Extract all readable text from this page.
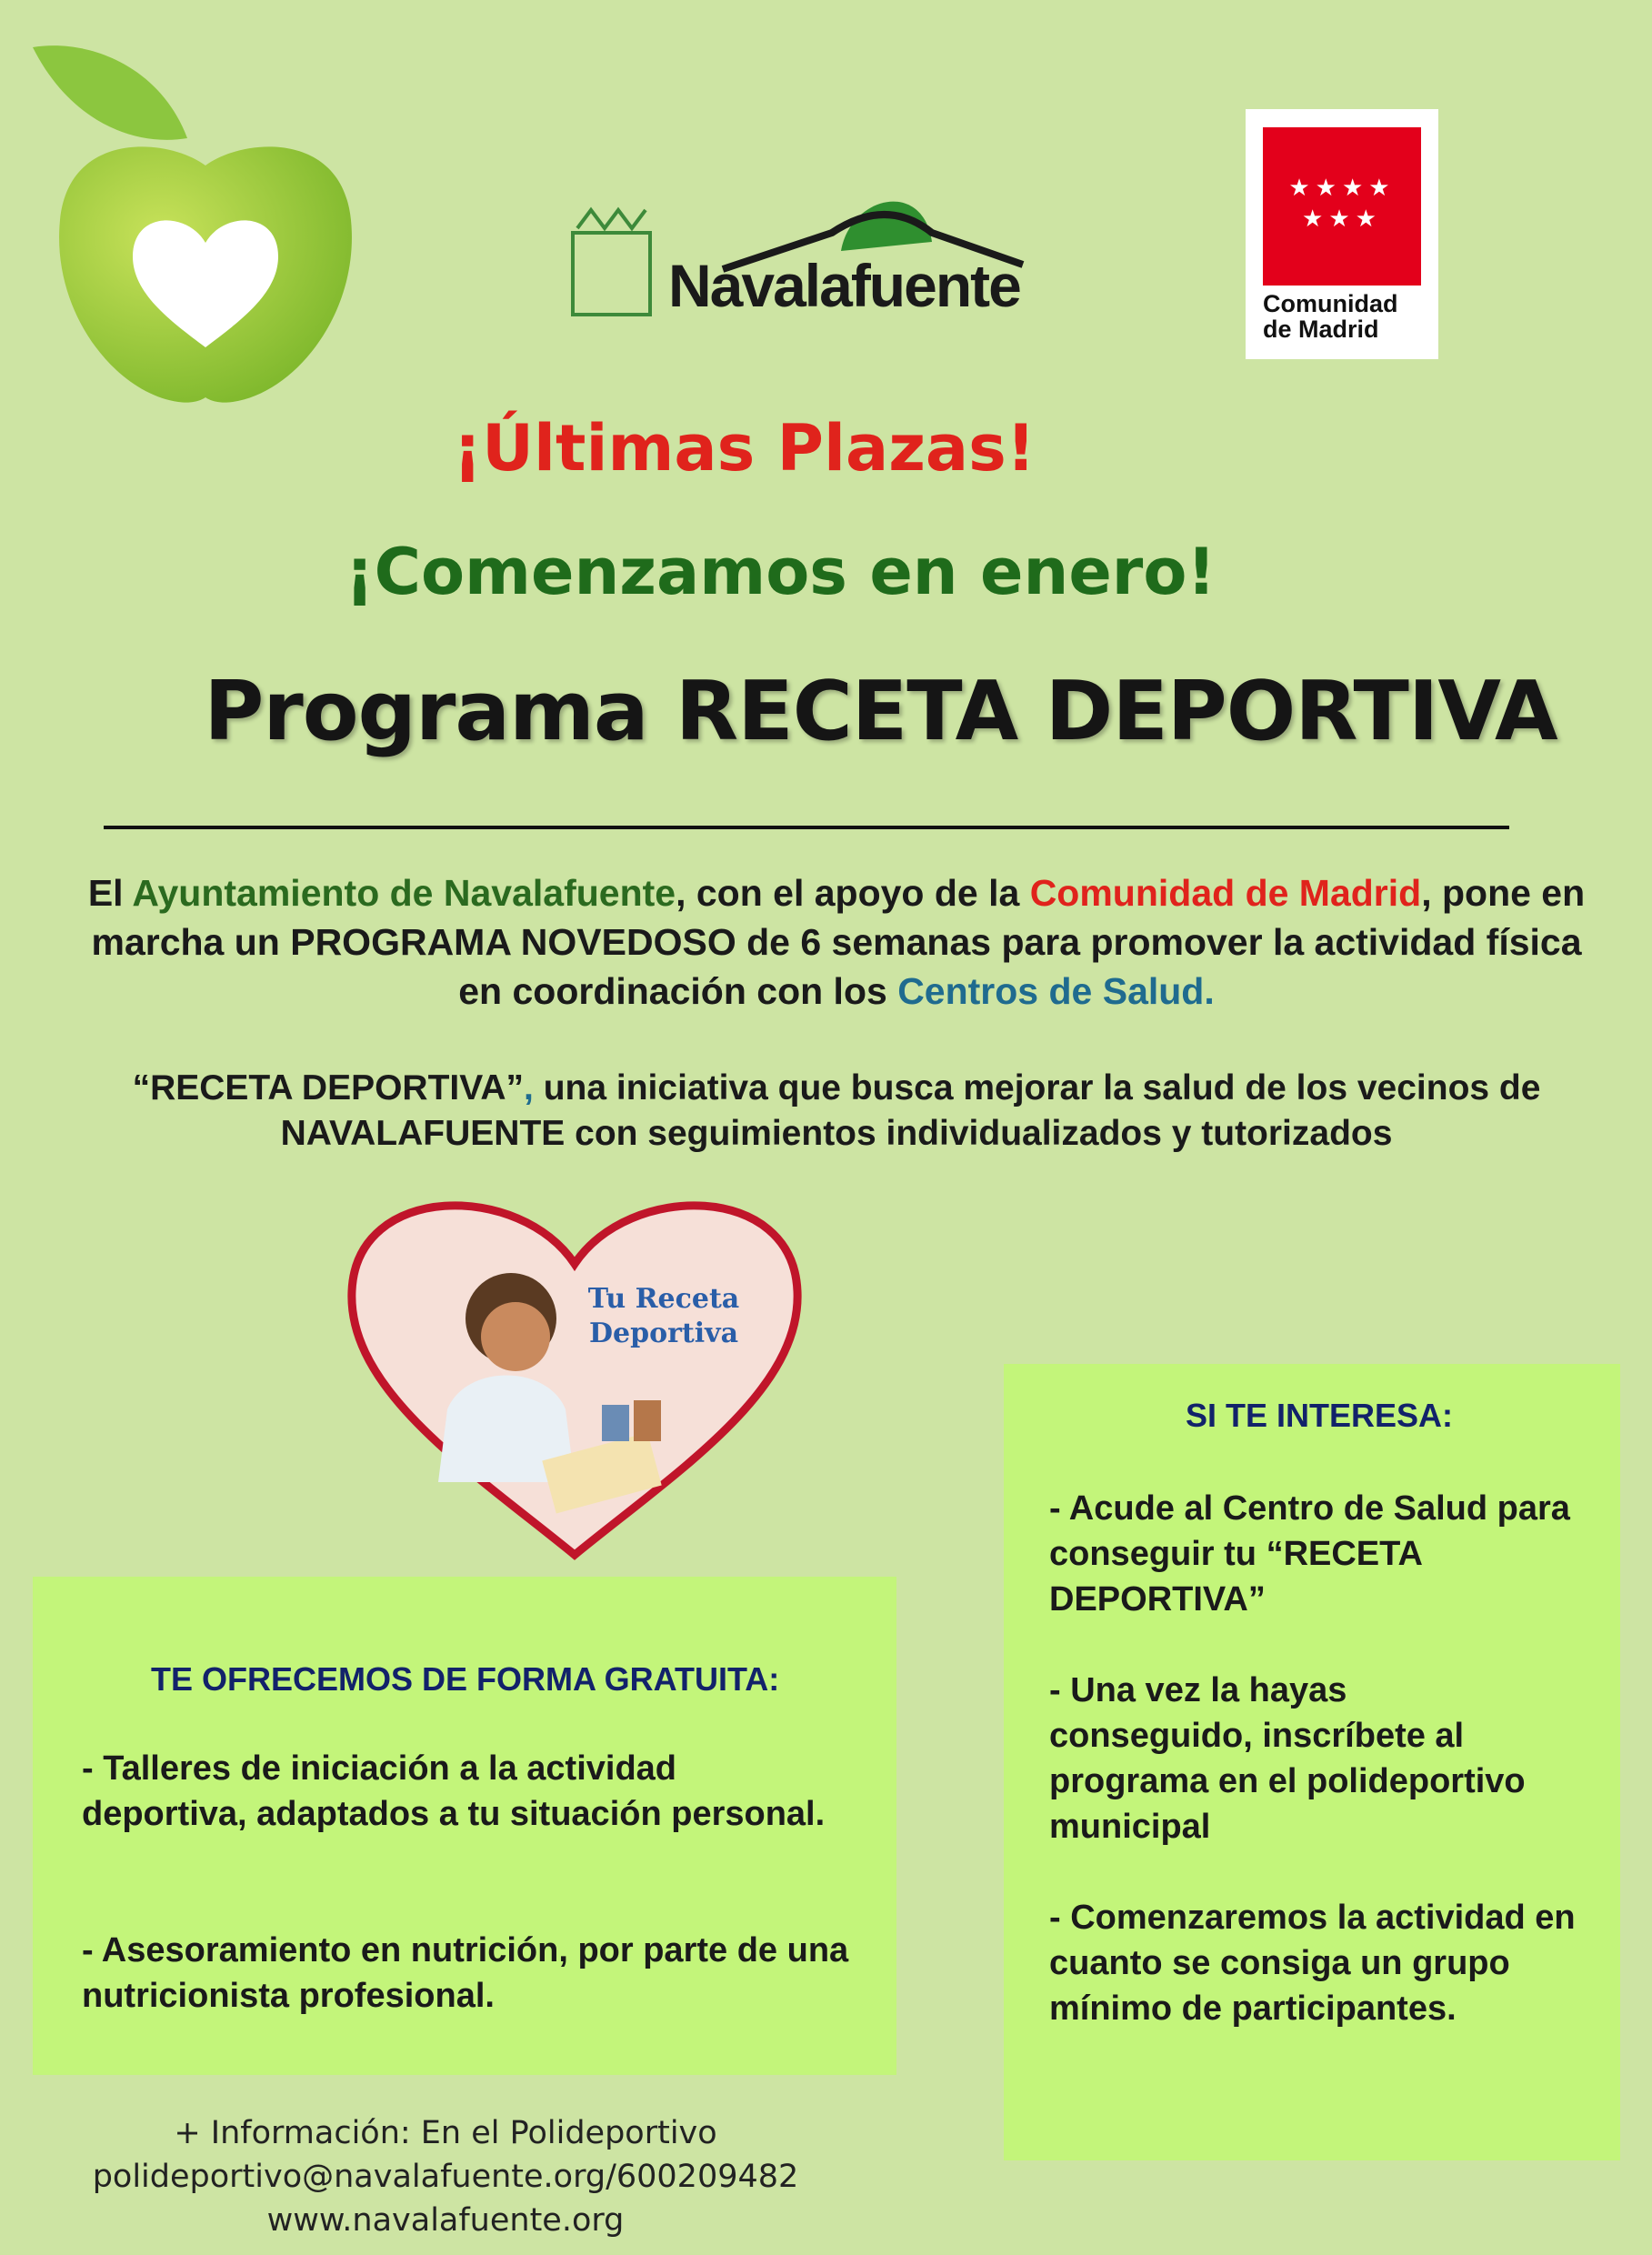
Navalafuente
★★★★
★★★
Comunidad
de Madrid
¡Últimas Plazas!
¡Comenzamos en enero!
Programa RECETA DEPORTIVA
El Ayuntamiento de Navalafuente, con el apoyo de la Comunidad de Madrid, pone en marcha un PROGRAMA NOVEDOSO de 6 semanas para promover la actividad física en coordinación con los Centros de Salud.
“RECETA DEPORTIVA”, una iniciativa que busca mejorar la salud de los vecinos de NAVALAFUENTE con seguimientos individualizados y tutorizados
Tu Receta
Deportiva
TE OFRECEMOS DE FORMA GRATUITA:
- Talleres de iniciación a la actividad deportiva, adaptados a tu situación personal.
- Asesoramiento en nutrición, por parte de una nutricionista profesional.
SI TE INTERESA:
- Acude al Centro de Salud para conseguir tu “RECETA DEPORTIVA”
- Una vez la hayas conseguido, inscríbete al programa en el polideportivo municipal
- Comenzaremos la actividad en cuanto se consiga un grupo mínimo de participantes.
+ Información: En el Polideportivo
polideportivo@navalafuente.org/600209482
www.navalafuente.org
